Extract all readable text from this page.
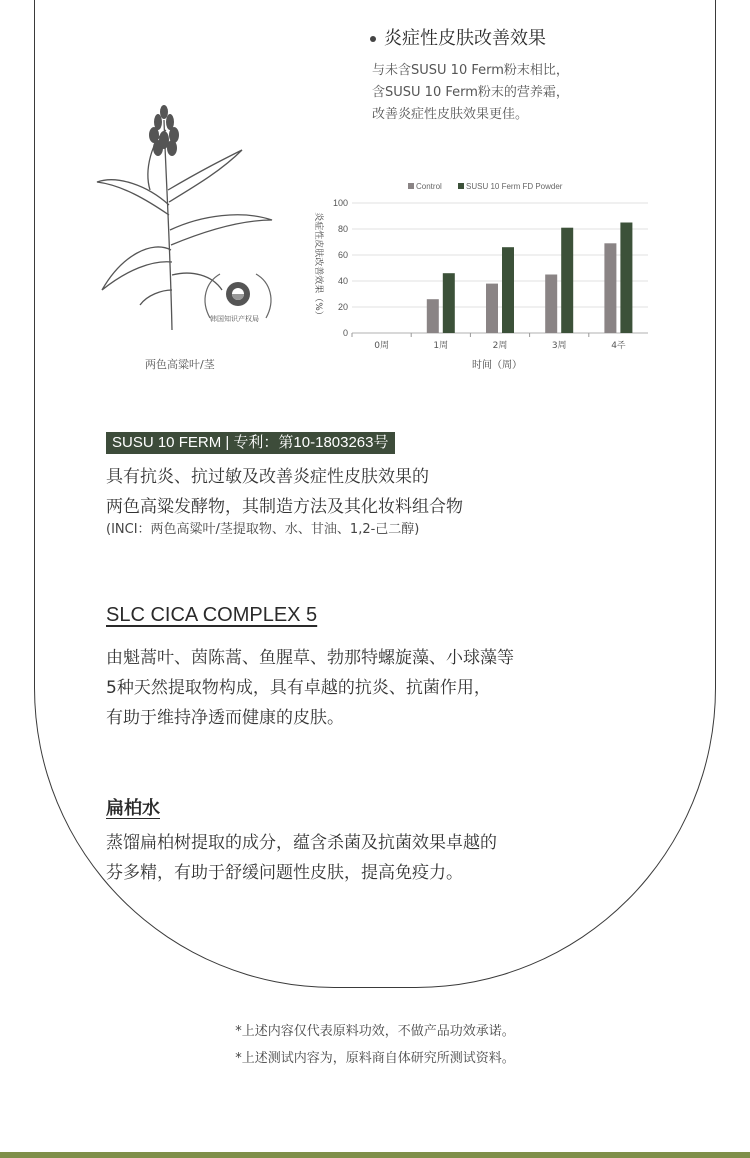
炎症性皮肤改善效果
与未含SUSU 10 Ferm粉末相比，
含SUSU 10 Ferm粉末的营养霜，
改善炎症性皮肤效果更佳。
韩国知识产权局
两色高粱叶/茎
Control	SUSU 10 Ferm FD Powder
0
20
40
60
80
100
0周	1周	2周	3周	4주
炎症性皮肤改善效果（%）
时间（周）
SUSU 10 FERM | 专利：第10-1803263号
具有抗炎、抗过敏及改善炎症性皮肤效果的
两色高粱发酵物，其制造方法及其化妆料组合物
(INCI：两色高粱叶/茎提取物、水、甘油、1,2-己二醇)
SLC CICA COMPLEX 5
由魁蒿叶、茵陈蒿、鱼腥草、勃那特螺旋藻、小球藻等
5种天然提取物构成，具有卓越的抗炎、抗菌作用，
有助于维持净透而健康的皮肤。
扁柏水
蒸馏扁柏树提取的成分，蕴含杀菌及抗菌效果卓越的
芬多精，有助于舒缓问题性皮肤，提高免疫力。
*上述内容仅代表原料功效，不做产品功效承诺。
*上述测试内容为，原料商自体研究所测试资料。
